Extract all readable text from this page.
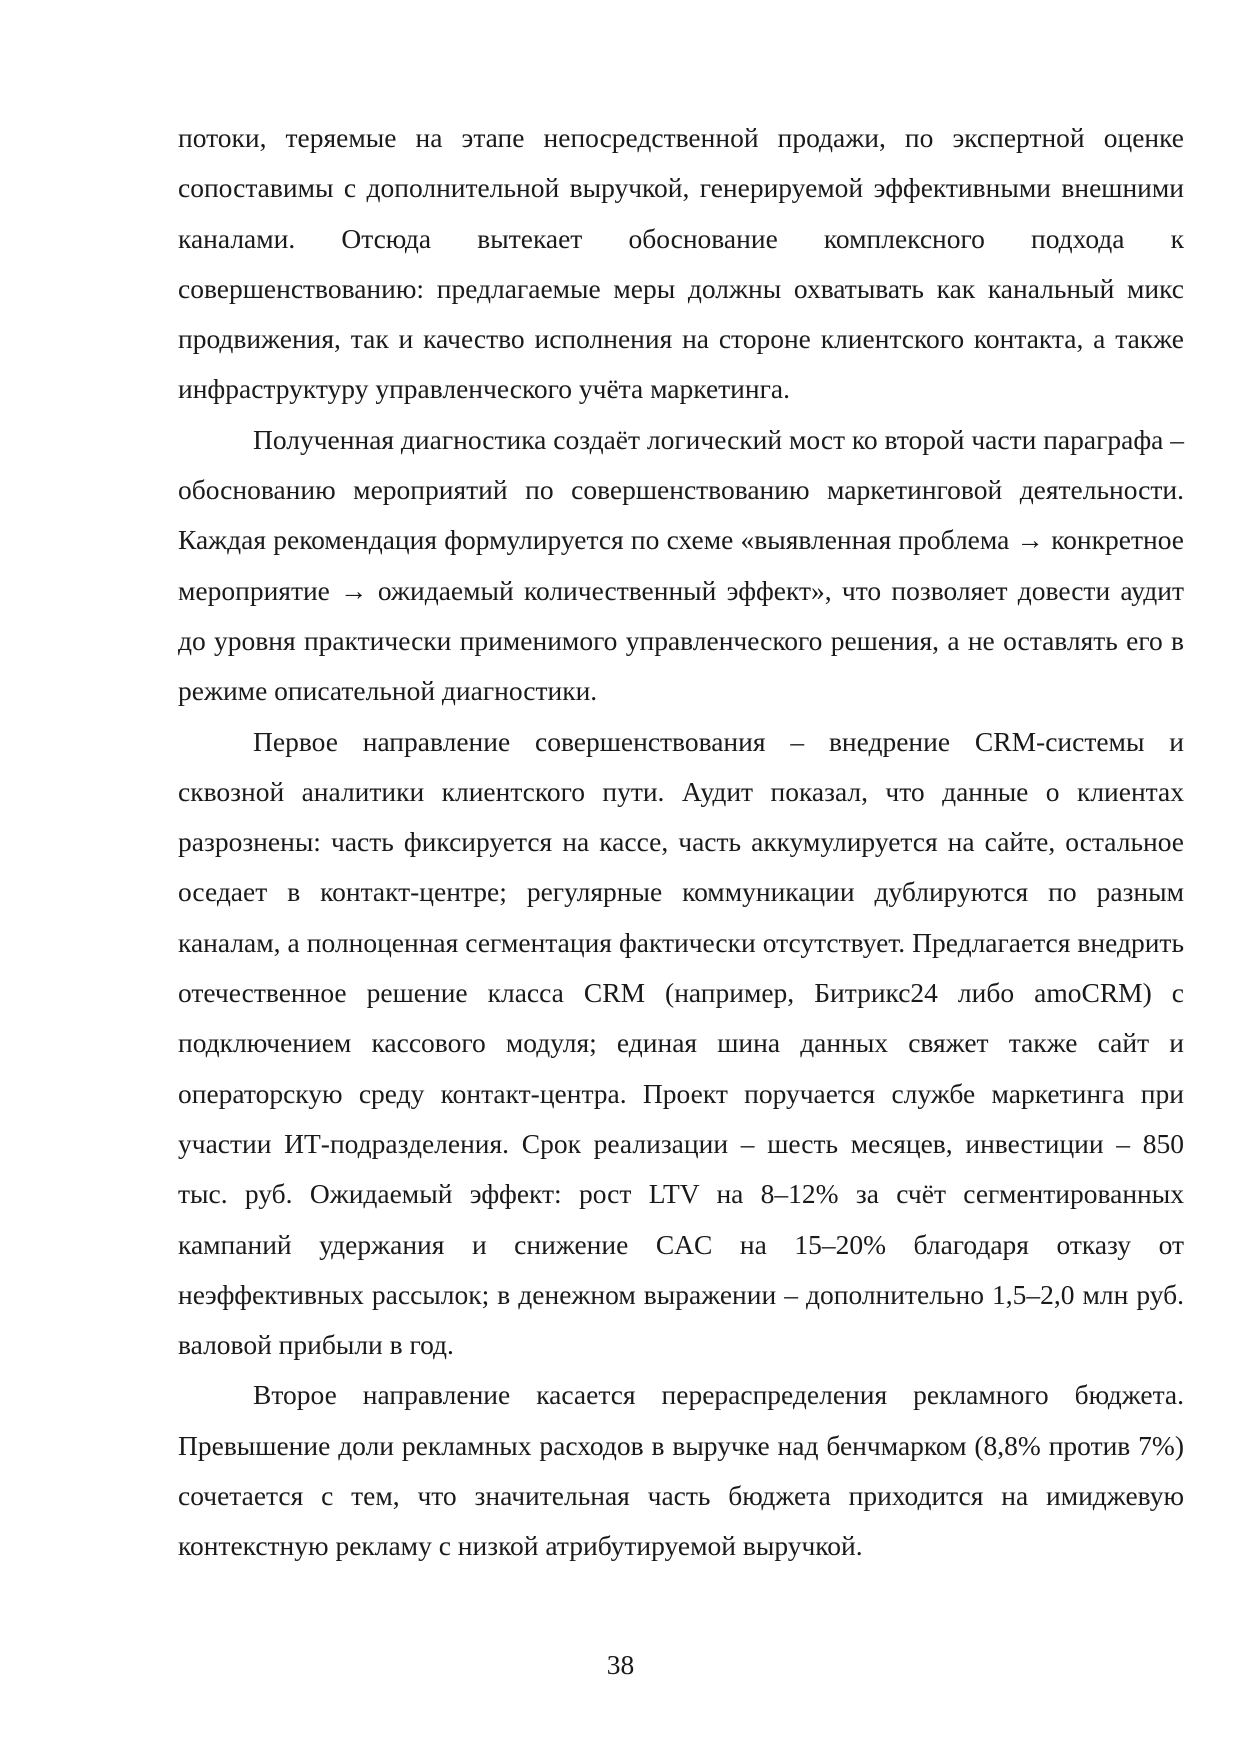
потоки, теряемые на этапе непосредственной продажи, по экспертной оценке сопоставимы с дополнительной выручкой, генерируемой эффективными внешними каналами. Отсюда вытекает обоснование комплексного подхода к совершенствованию: предлагаемые меры должны охватывать как канальный микс продвижения, так и качество исполнения на стороне клиентского контакта, а также инфраструктуру управленческого учёта маркетинга.

Полученная диагностика создаёт логический мост ко второй части параграфа – обоснованию мероприятий по совершенствованию маркетинговой деятельности. Каждая рекомендация формулируется по схеме «выявленная проблема → конкретное мероприятие → ожидаемый количественный эффект», что позволяет довести аудит до уровня практически применимого управленческого решения, а не оставлять его в режиме описательной диагностики.

Первое направление совершенствования – внедрение CRM-системы и сквозной аналитики клиентского пути. Аудит показал, что данные о клиентах разрознены: часть фиксируется на кассе, часть аккумулируется на сайте, остальное оседает в контакт-центре; регулярные коммуникации дублируются по разным каналам, а полноценная сегментация фактически отсутствует. Предлагается внедрить отечественное решение класса CRM (например, Битрикс24 либо amoCRM) с подключением кассового модуля; единая шина данных свяжет также сайт и операторскую среду контакт-центра. Проект поручается службе маркетинга при участии ИТ-подразделения. Срок реализации – шесть месяцев, инвестиции – 850 тыс. руб. Ожидаемый эффект: рост LTV на 8–12% за счёт сегментированных кампаний удержания и снижение CAC на 15–20% благодаря отказу от неэффективных рассылок; в денежном выражении – дополнительно 1,5–2,0 млн руб. валовой прибыли в год.

Второе направление касается перераспределения рекламного бюджета. Превышение доли рекламных расходов в выручке над бенчмарком (8,8% против 7%) сочетается с тем, что значительная часть бюджета приходится на имиджевую контекстную рекламу с низкой атрибутируемой выручкой.

38
